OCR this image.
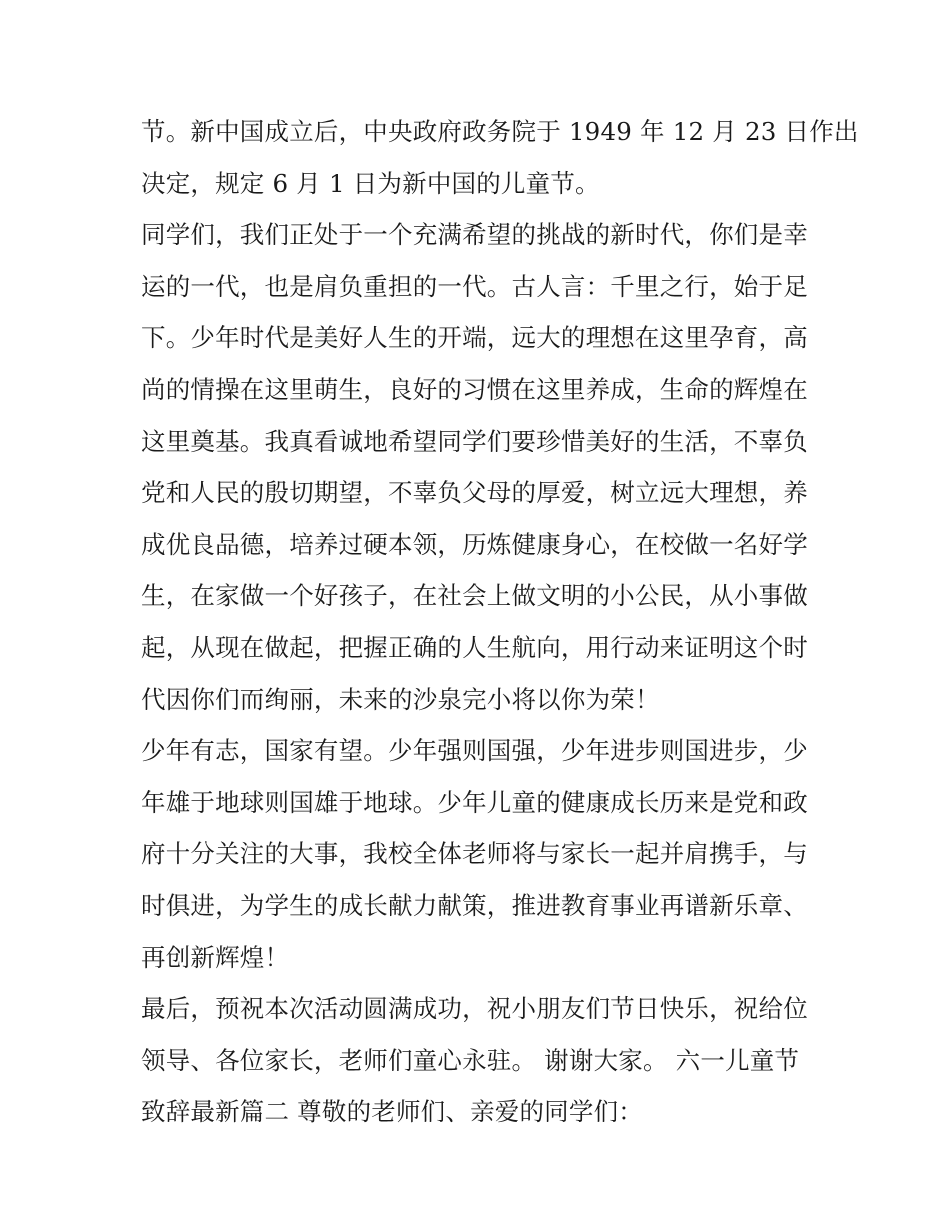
节。新中国成立后，中央政府政务院于 1949 年 12 月 23 日作出
决定，规定 6 月 1 日为新中国的儿童节。
同学们，我们正处于一个充满希望的挑战的新时代，你们是幸
运的一代，也是肩负重担的一代。古人言：千里之行，始于足
下。少年时代是美好人生的开端，远大的理想在这里孕育，高
尚的情操在这里萌生，良好的习惯在这里养成，生命的辉煌在
这里奠基。我真看诚地希望同学们要珍惜美好的生活，不辜负
党和人民的殷切期望，不辜负父母的厚爱，树立远大理想，养
成优良品德，培养过硬本领，历炼健康身心，在校做一名好学
生，在家做一个好孩子，在社会上做文明的小公民，从小事做
起，从现在做起，把握正确的人生航向，用行动来证明这个时
代因你们而绚丽，未来的沙泉完小将以你为荣！
少年有志，国家有望。少年强则国强，少年进步则国进步，少
年雄于地球则国雄于地球。少年儿童的健康成长历来是党和政
府十分关注的大事，我校全体老师将与家长一起并肩携手，与
时俱进，为学生的成长献力献策，推进教育事业再谱新乐章、
再创新辉煌！
最后，预祝本次活动圆满成功，祝小朋友们节日快乐，祝给位
领导、各位家长，老师们童心永驻。 谢谢大家。 六一儿童节
致辞最新篇二 尊敬的老师们、亲爱的同学们：
